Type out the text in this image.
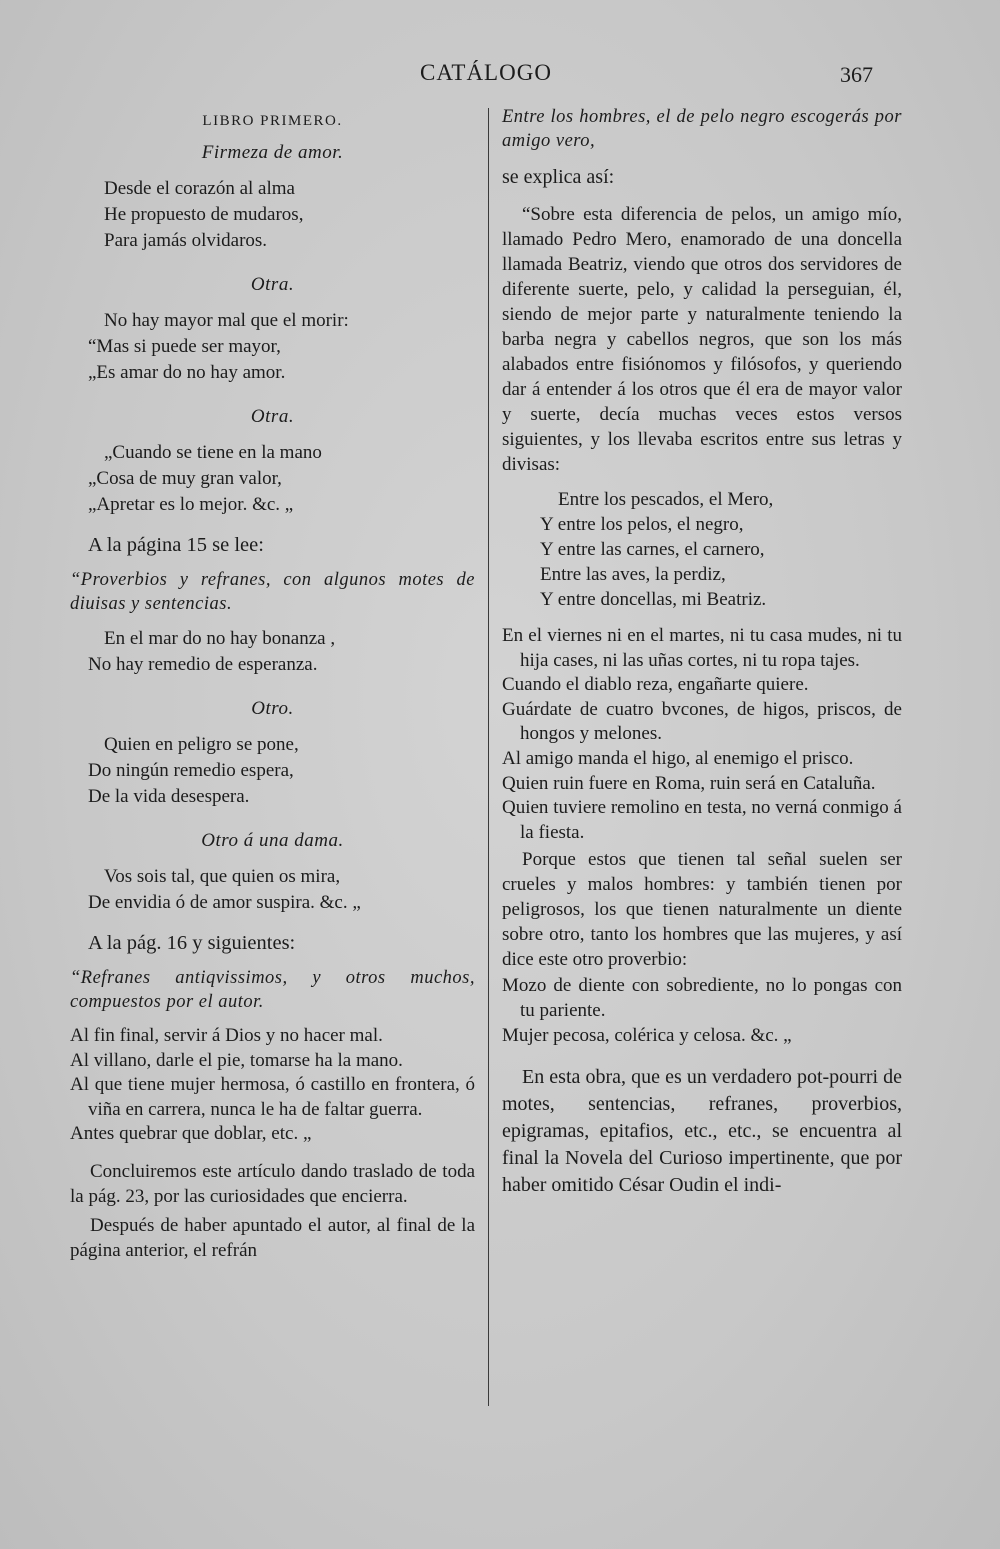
CATÁLOGO	367
LIBRO PRIMERO.
Firmeza de amor.
Desde el corazón al alma
He propuesto de mudaros,
Para jamás olvidaros.
Otra.
No hay mayor mal que el morir:
“Mas si puede ser mayor,
„Es amar do no hay amor.
Otra.
„Cuando se tiene en la mano
„Cosa de muy gran valor,
„Apretar es lo mejor. &c. „
A la página 15 se lee:
“Proverbios y refranes, con algunos motes de diuisas y sentencias.
En el mar do no hay bonanza ,
No hay remedio de esperanza.
Otro.
Quien en peligro se pone,
Do ningún remedio espera,
De la vida desespera.
Otro á una dama.
Vos sois tal, que quien os mira,
De envidia ó de amor suspira. &c. „
A la pág. 16 y siguientes:
“Refranes antiqvissimos, y otros muchos, compuestos por el autor.

Al fin final, servir á Dios y no hacer mal.

Al villano, darle el pie, tomarse ha la mano.

Al que tiene mujer hermosa, ó castillo en frontera, ó viña en carrera, nunca le ha de faltar guerra.

Antes quebrar que doblar, etc. „

Concluiremos este artículo dando traslado de toda la pág. 23, por las curiosidades que encierra.

Después de haber apuntado el autor, al final de la página anterior, el refrán

Entre los hombres, el de pelo negro escogerás por amigo vero,

se explica así:

“Sobre esta diferencia de pelos, un amigo mío, llamado Pedro Mero, enamorado de una doncella llamada Beatriz, viendo que otros dos servidores de diferente suerte, pelo, y calidad la perseguian, él, siendo de mejor parte y naturalmente teniendo la barba negra y cabellos negros, que son los más alabados entre fisiónomos y filósofos, y queriendo dar á entender á los otros que él era de mayor valor y suerte, decía muchas veces estos versos siguientes, y los llevaba escritos entre sus letras y divisas:

Entre los pescados, el Mero,
Y entre los pelos, el negro,
Y entre las carnes, el carnero,
Entre las aves, la perdiz,
Y entre doncellas, mi Beatriz.

En el viernes ni en el martes, ni tu casa mudes, ni tu hija cases, ni las uñas cortes, ni tu ropa tajes.

Cuando el diablo reza, engañarte quiere.

Guárdate de cuatro bvcones, de higos, priscos, de hongos y melones.

Al amigo manda el higo, al enemigo el prisco.

Quien ruin fuere en Roma, ruin será en Cataluña.

Quien tuviere remolino en testa, no verná conmigo á la fiesta.

Porque estos que tienen tal señal suelen ser crueles y malos hombres: y también tienen por peligrosos, los que tienen naturalmente un diente sobre otro, tanto los hombres que las mujeres, y así dice este otro proverbio:

Mozo de diente con sobrediente, no lo pongas con tu pariente.

Mujer pecosa, colérica y celosa. &c. „

En esta obra, que es un verdadero pot-pourri de motes, sentencias, refranes, proverbios, epigramas, epitafios, etc., etc., se encuentra al final la Novela del Curioso impertinente, que por haber omitido César Oudin el indi-
